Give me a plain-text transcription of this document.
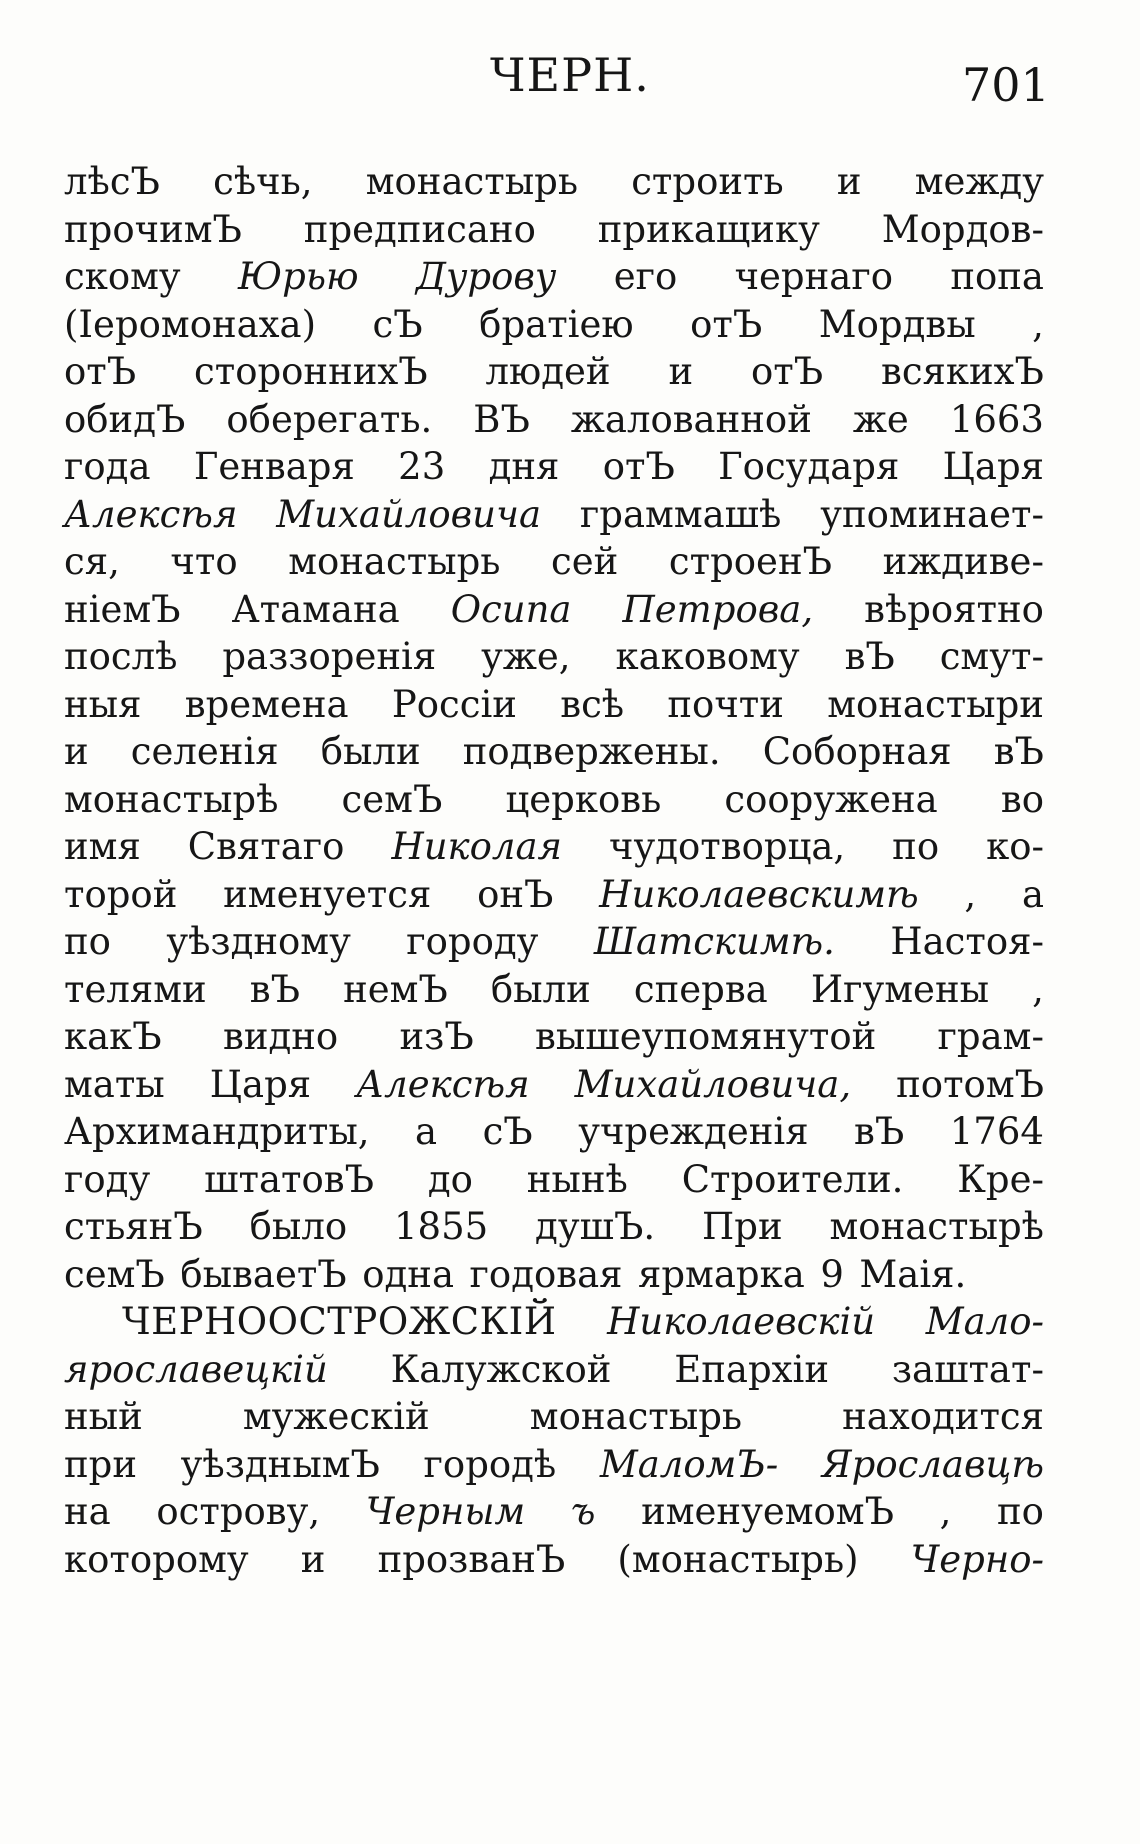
ЧЕРН.	701
лѣсЪ сѣчь, монастырь строить и между
прочимЪ предписано прикащику Мордов-
скому Юрью Дурову его чернаго попа
(Іеромонаха) сЪ братіею отЪ Мордвы ,
отЪ стороннихЪ людей и отЪ всякихЪ
обидЪ оберегать. ВЪ жалованной же 1663
года Генваря 23 дня отЪ Государя Царя
Алексѣя Михайловича граммашѣ упоминает-
ся, что монастырь сей строенЪ иждиве-
ніемЪ Атамана Осипа Петрова, вѣроятно
послѣ раззоренія уже, каковому вЪ смут-
ныя времена Россіи всѣ почти монастыри
и селенія были подвержены. Соборная вЪ
монастырѣ семЪ церковь сооружена во
имя Святаго Николая чудотворца, по ко-
торой именуется онЪ Николаевскимѣ , а
по уѣздному городу Шатскимѣ. Настоя-
телями вЪ немЪ были сперва Игумены ,
какЪ видно изЪ вышеупомянутой грам-
маты Царя Алексѣя Михайловича, потомЪ
Архимандриты, а сЪ учрежденія вЪ 1764
году штатовЪ до нынѣ Строители. Кре-
стьянЪ было 1855 душЪ. При монастырѣ
семЪ бываетЪ одна годовая ярмарка 9 Маія.
ЧЕРНООСТРОЖСКІЙ Николаевскій Мало-
ярославецкій Калужской Епархіи заштат-
ный	мужескій	монастырь	находится
при уѣзднымЪ городѣ МаломЪ- Ярославцѣ
на острову, Черным ъ именуемомЪ , по
которому и прозванЪ (монастырь) Черно-
